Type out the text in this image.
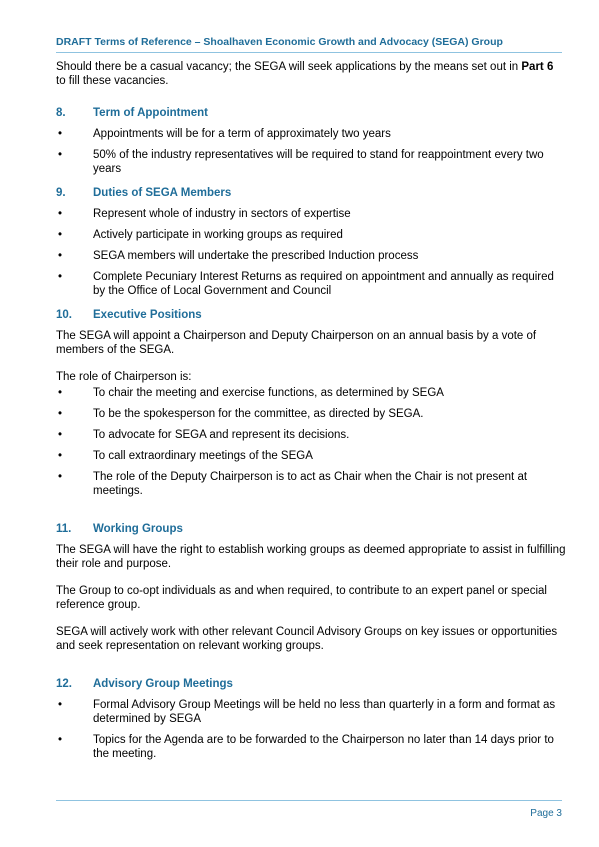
DRAFT Terms of Reference – Shoalhaven Economic Growth and Advocacy (SEGA) Group

Should there be a casual vacancy; the SEGA will seek applications by the means set out in Part 6 to fill these vacancies.

8.	Term of Appointment
•	Appointments will be for a term of approximately two years
•	50% of the industry representatives will be required to stand for reappointment every two years
9.	Duties of SEGA Members
•	Represent whole of industry in sectors of expertise
•	Actively participate in working groups as required
•	SEGA members will undertake the prescribed Induction process
•	Complete Pecuniary Interest Returns as required on appointment and annually as required by the Office of Local Government and Council
10.	Executive Positions

The SEGA will appoint a Chairperson and Deputy Chairperson on an annual basis by a vote of members of the SEGA.

The role of Chairperson is:

•	To chair the meeting and exercise functions, as determined by SEGA
•	To be the spokesperson for the committee, as directed by SEGA.
•	To advocate for SEGA and represent its decisions.
•	To call extraordinary meetings of the SEGA
•	The role of the Deputy Chairperson is to act as Chair when the Chair is not present at meetings.
11.	Working Groups

The SEGA will have the right to establish working groups as deemed appropriate to assist in fulfilling their role and purpose.

The Group to co-opt individuals as and when required, to contribute to an expert panel or special reference group.

SEGA will actively work with other relevant Council Advisory Groups on key issues or opportunities and seek representation on relevant working groups.

12.	Advisory Group Meetings
•	Formal Advisory Group Meetings will be held no less than quarterly in a form and format as determined by SEGA
•	Topics for the Agenda are to be forwarded to the Chairperson no later than 14 days prior to the meeting.
Page 3
